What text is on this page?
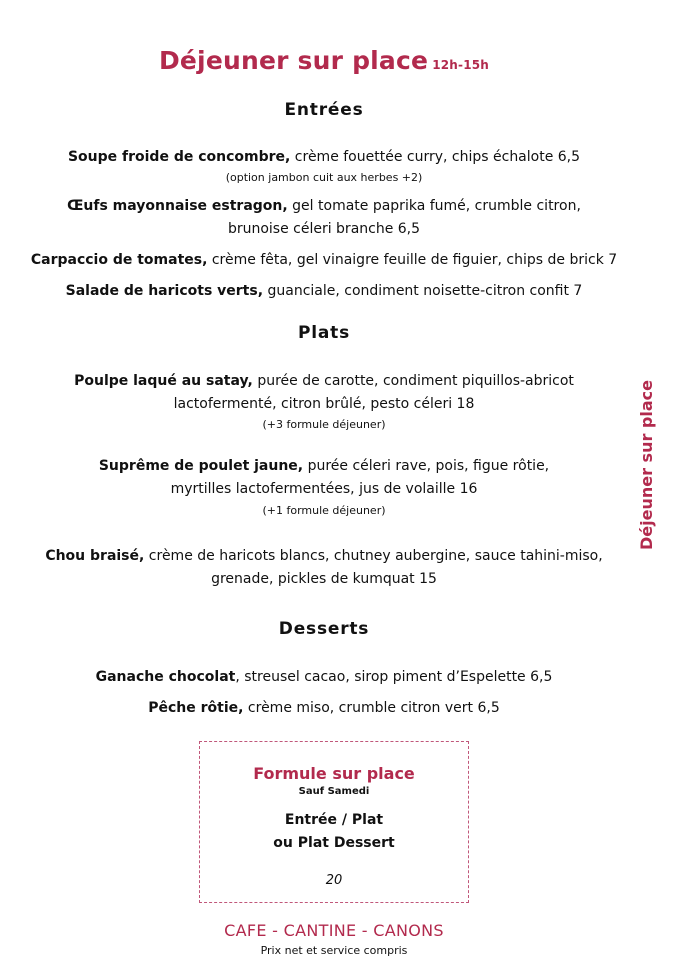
Déjeuner sur place 12h-15h
Entrées
Soupe froide de concombre, crème fouettée curry, chips échalote 6,5
(option jambon cuit aux herbes +2)
Œufs mayonnaise estragon, gel tomate paprika fumé, crumble citron,
brunoise céleri branche 6,5
Carpaccio de tomates, crème fêta, gel vinaigre feuille de figuier, chips de brick 7
Salade de haricots verts, guanciale, condiment noisette-citron confit 7
Plats
Poulpe laqué au satay, purée de carotte, condiment piquillos-abricot
lactofermenté, citron brûlé, pesto céleri 18
(+3 formule déjeuner)
Suprême de poulet jaune, purée céleri rave, pois, figue rôtie,
myrtilles lactofermentées, jus de volaille 16
(+1 formule déjeuner)
Chou braisé, crème de haricots blancs, chutney aubergine, sauce tahini-miso,
grenade, pickles de kumquat 15
Desserts
Ganache chocolat, streusel cacao, sirop piment d’Espelette 6,5
Pêche rôtie, crème miso, crumble citron vert 6,5
Formule sur place
Sauf Samedi
Entrée / Plat
ou Plat Dessert
20
Déjeuner sur place
CAFE - CANTINE - CANONS
Prix net et service compris
